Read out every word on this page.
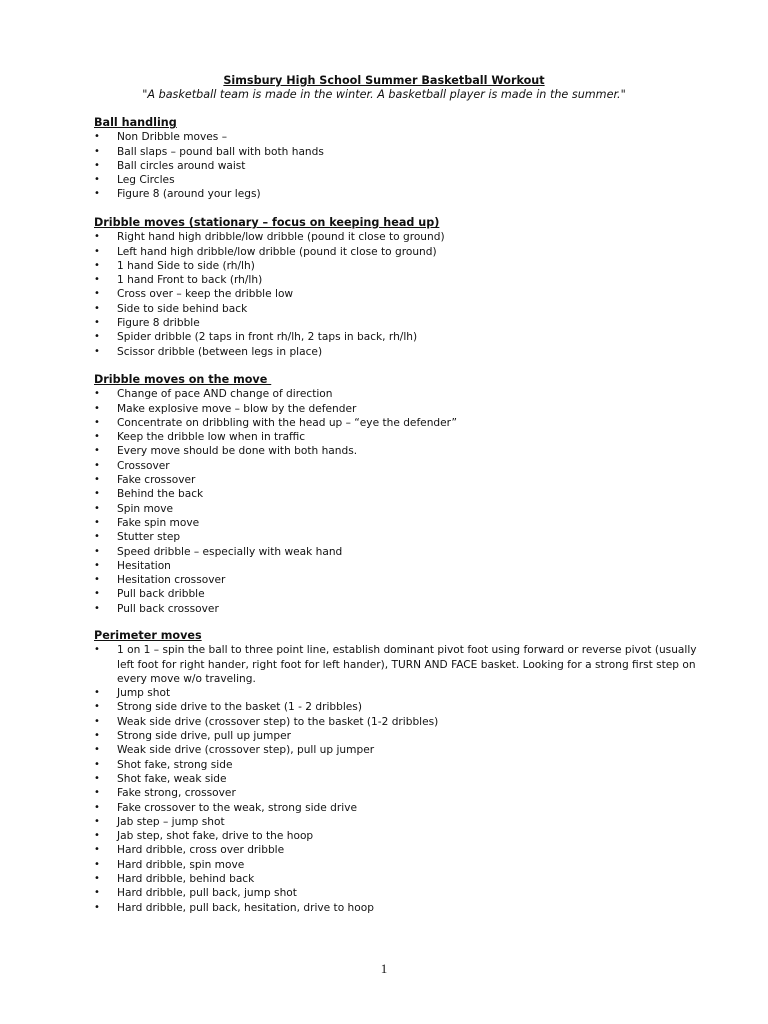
Simsbury High School Summer Basketball Workout
"A basketball team is made in the winter. A basketball player is made in the summer."
Ball handling
• Non Dribble moves –
• Ball slaps – pound ball with both hands
• Ball circles around waist
• Leg Circles
• Figure 8 (around your legs)
Dribble moves (stationary – focus on keeping head up)
• Right hand high dribble/low dribble (pound it close to ground)
• Left hand high dribble/low dribble (pound it close to ground)
• 1 hand Side to side (rh/lh)
• 1 hand Front to back (rh/lh)
• Cross over – keep the dribble low
• Side to side behind back
• Figure 8 dribble
• Spider dribble (2 taps in front rh/lh, 2 taps in back, rh/lh)
• Scissor dribble (between legs in place)
Dribble moves on the move
• Change of pace AND change of direction
• Make explosive move – blow by the defender
• Concentrate on dribbling with the head up – “eye the defender”
• Keep the dribble low when in traffic
• Every move should be done with both hands.
• Crossover
• Fake crossover
• Behind the back
• Spin move
• Fake spin move
• Stutter step
• Speed dribble – especially with weak hand
• Hesitation
• Hesitation crossover
• Pull back dribble
• Pull back crossover
Perimeter moves
• 1 on 1 – spin the ball to three point line, establish dominant pivot foot using forward or reverse pivot (usually left foot for right hander, right foot for left hander), TURN AND FACE basket. Looking for a strong first step on every move w/o traveling.
• Jump shot
• Strong side drive to the basket (1 - 2 dribbles)
• Weak side drive (crossover step) to the basket (1-2 dribbles)
• Strong side drive, pull up jumper
• Weak side drive (crossover step), pull up jumper
• Shot fake, strong side
• Shot fake, weak side
• Fake strong, crossover
• Fake crossover to the weak, strong side drive
• Jab step – jump shot
• Jab step, shot fake, drive to the hoop
• Hard dribble, cross over dribble
• Hard dribble, spin move
• Hard dribble, behind back
• Hard dribble, pull back, jump shot
• Hard dribble, pull back, hesitation, drive to hoop
1
